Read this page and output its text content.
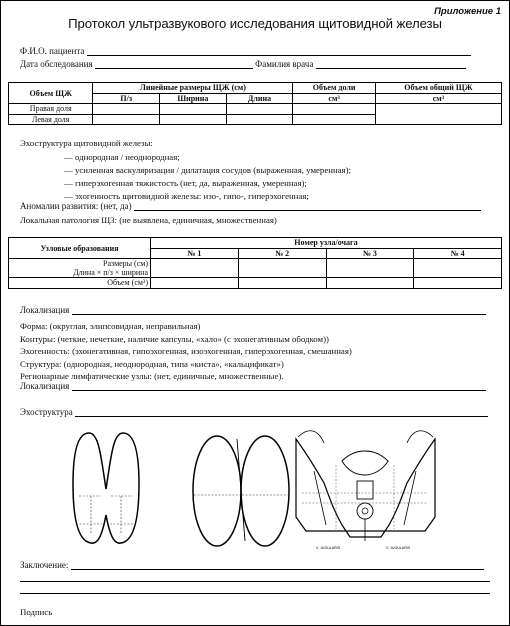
Приложение 1
Протокол ультразвукового исследования щитовидной железы
Ф.И.О. пациента
Дата обследования	Фамилия врача
Объем ЩЖ	Линейные размеры ЩЖ (см)			Объем доли	Объем общий ЩЖ
	П/з	Ширина	Длина	см³	см³
Правая доля					
Левая доля					
Эхоструктура щитовидной железы:
— однородная / неоднородная;
— усиленная васкуляризация / дилатация сосудов (выраженная, умеренная);
— гиперэхогенная тяжистость (нет, да, выраженная, умеренная);
— эхогенность щитовидной железы: изо-, гипо-, гиперэхогенная;
Аномалии развития: (нет, да)
Локальная патология ЩЗ: (не выявлена, единичная, множественная)
Узловые образования	Номер узла/очага			
	№ 1	№ 2	№ 3	№ 4

Размеры (см)
Длина × п/з × ширина				

Объем (см³)				
Локализация
Форма: (округлая, элипсовидная, неправильная)
Контуры: (четкие, нечеткие, наличие капсулы, «хало» (с эхонегативным ободком))
Эхогенность: (эхонегативная, гипоэхогенная, изоэхогенная, гиперэхогенная, смешанная)
Структура: (однородная, неоднородная, типа «киста», «кальцификат»)
Регионарные лимфатические узлы: (нет, единичные, множественные).
Локализация
Эхоструктура
V. JUGULARIS	V. JUGULARIS
Заключение:
Подпись
